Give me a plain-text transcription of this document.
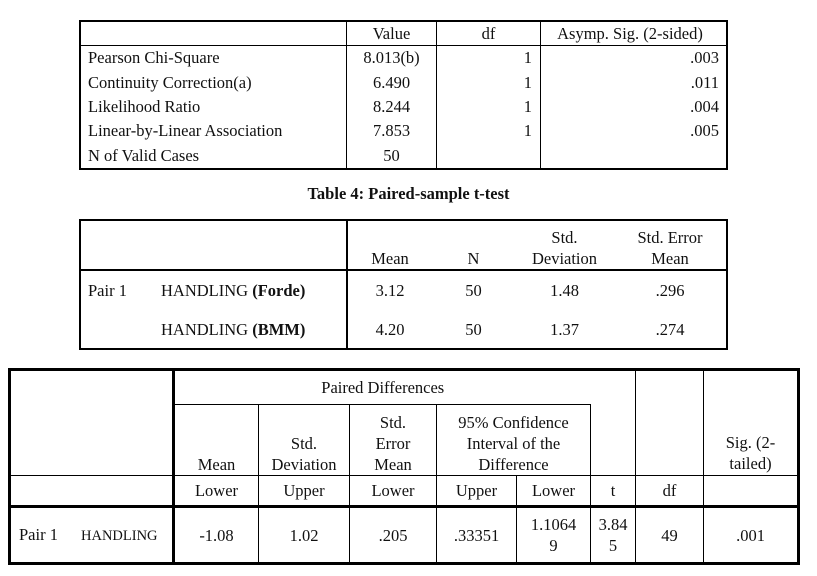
	Value	df	Asymp. Sig. (2-sided)
Pearson Chi-Square	8.013(b)	1	.003
Continuity Correction(a)	6.490	1	.011
Likelihood Ratio	8.244	1	.004
Linear-by-Linear Association	7.853	1	.005
N of Valid Cases	50		
Table 4: Paired-sample t-test
		Mean	N	Std. Deviation	Std. Error Mean

Pair 1	HANDLING (Forde)	3.12	50	1.48	.296
	HANDLING (BMM)	4.20	50	1.37	.274
	Paired Differences							Sig. (2-tailed)

	Mean	Std. Deviation	Std. Error Mean	95% Confidence Interval of the Difference				

	Lower	Upper	Lower	Upper	Lower	t	df	
Pair 1 HANDLING	-1.08	1.02	.205	.33351	1.1064 9	3.84 5	49	.001
